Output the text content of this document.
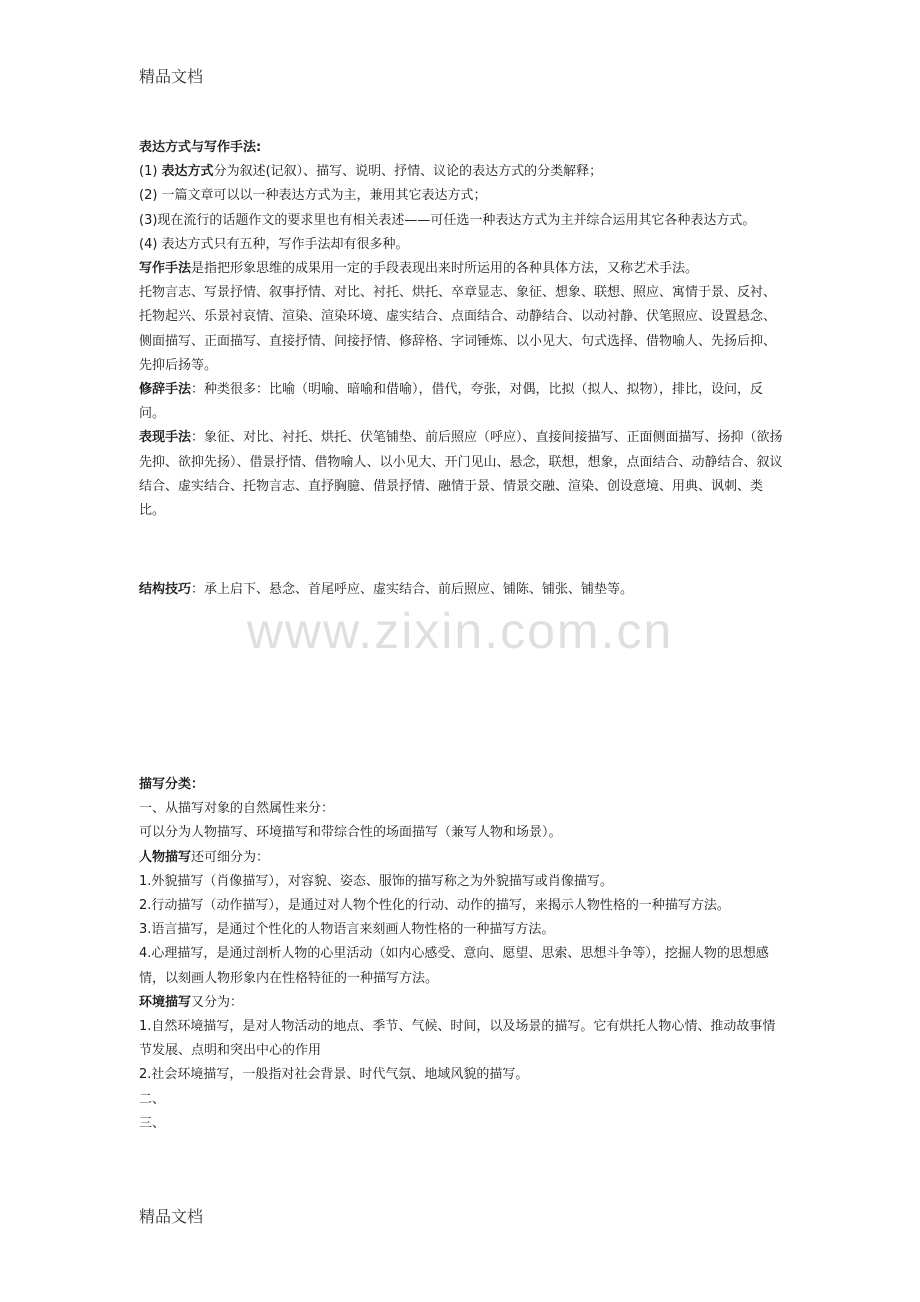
精品文档
www.zixin.com.cn

表达方式与写作手法:

(1) 表达方式分为叙述(记叙）、描写、说明、抒情、议论的表达方式的分类解释；

(2) 一篇文章可以以一种表达方式为主，兼用其它表达方式；

(3)现在流行的话题作文的要求里也有相关表述——可任选一种表达方式为主并综合运用其它各种表达方式。

(4) 表达方式只有五种，写作手法却有很多种。

写作手法是指把形象思维的成果用一定的手段表现出来时所运用的各种具体方法，又称艺术手法。

托物言志、写景抒情、叙事抒情、对比、衬托、烘托、卒章显志、象征、想象、联想、照应、寓情于景、反衬、托物起兴、乐景衬哀情、渲染、渲染环境、虚实结合、点面结合、动静结合、以动衬静、伏笔照应、设置悬念、侧面描写、正面描写、直接抒情、间接抒情、修辞格、字词锤炼、以小见大、句式选择、借物喻人、先扬后抑、先抑后扬等。

修辞手法：种类很多：比喻（明喻、暗喻和借喻），借代，夸张，对偶，比拟（拟人、拟物），排比，设问，反问。

表现手法：象征、对比、衬托、烘托、伏笔铺垫、前后照应（呼应）、直接间接描写、正面侧面描写、扬抑（欲扬先抑、欲抑先扬）、借景抒情、借物喻人、以小见大、开门见山、悬念，联想，想象，点面结合、动静结合、叙议结合、虚实结合、托物言志、直抒胸臆、借景抒情、融情于景、情景交融、渲染、创设意境、用典、讽刺、类比。

结构技巧：承上启下、悬念、首尾呼应、虚实结合、前后照应、铺陈、铺张、铺垫等。

描写分类：

一、从描写对象的自然属性来分：

可以分为人物描写、环境描写和带综合性的场面描写（兼写人物和场景）。

人物描写还可细分为：

1.外貌描写（肖像描写），对容貌、姿态、服饰的描写称之为外貌描写或肖像描写。

2.行动描写（动作描写），是通过对人物个性化的行动、动作的描写，来揭示人物性格的一种描写方法。

3.语言描写，是通过个性化的人物语言来刻画人物性格的一种描写方法。

4.心理描写，是通过剖析人物的心里活动（如内心感受、意向、愿望、思索、思想斗争等），挖掘人物的思想感情，以刻画人物形象内在性格特征的一种描写方法。

环境描写又分为：

1.自然环境描写，是对人物活动的地点、季节、气候、时间，以及场景的描写。它有烘托人物心情、推动故事情节发展、点明和突出中心的作用

2.社会环境描写，一般指对社会背景、时代气氛、地域风貌的描写。

二、

三、

精品文档
